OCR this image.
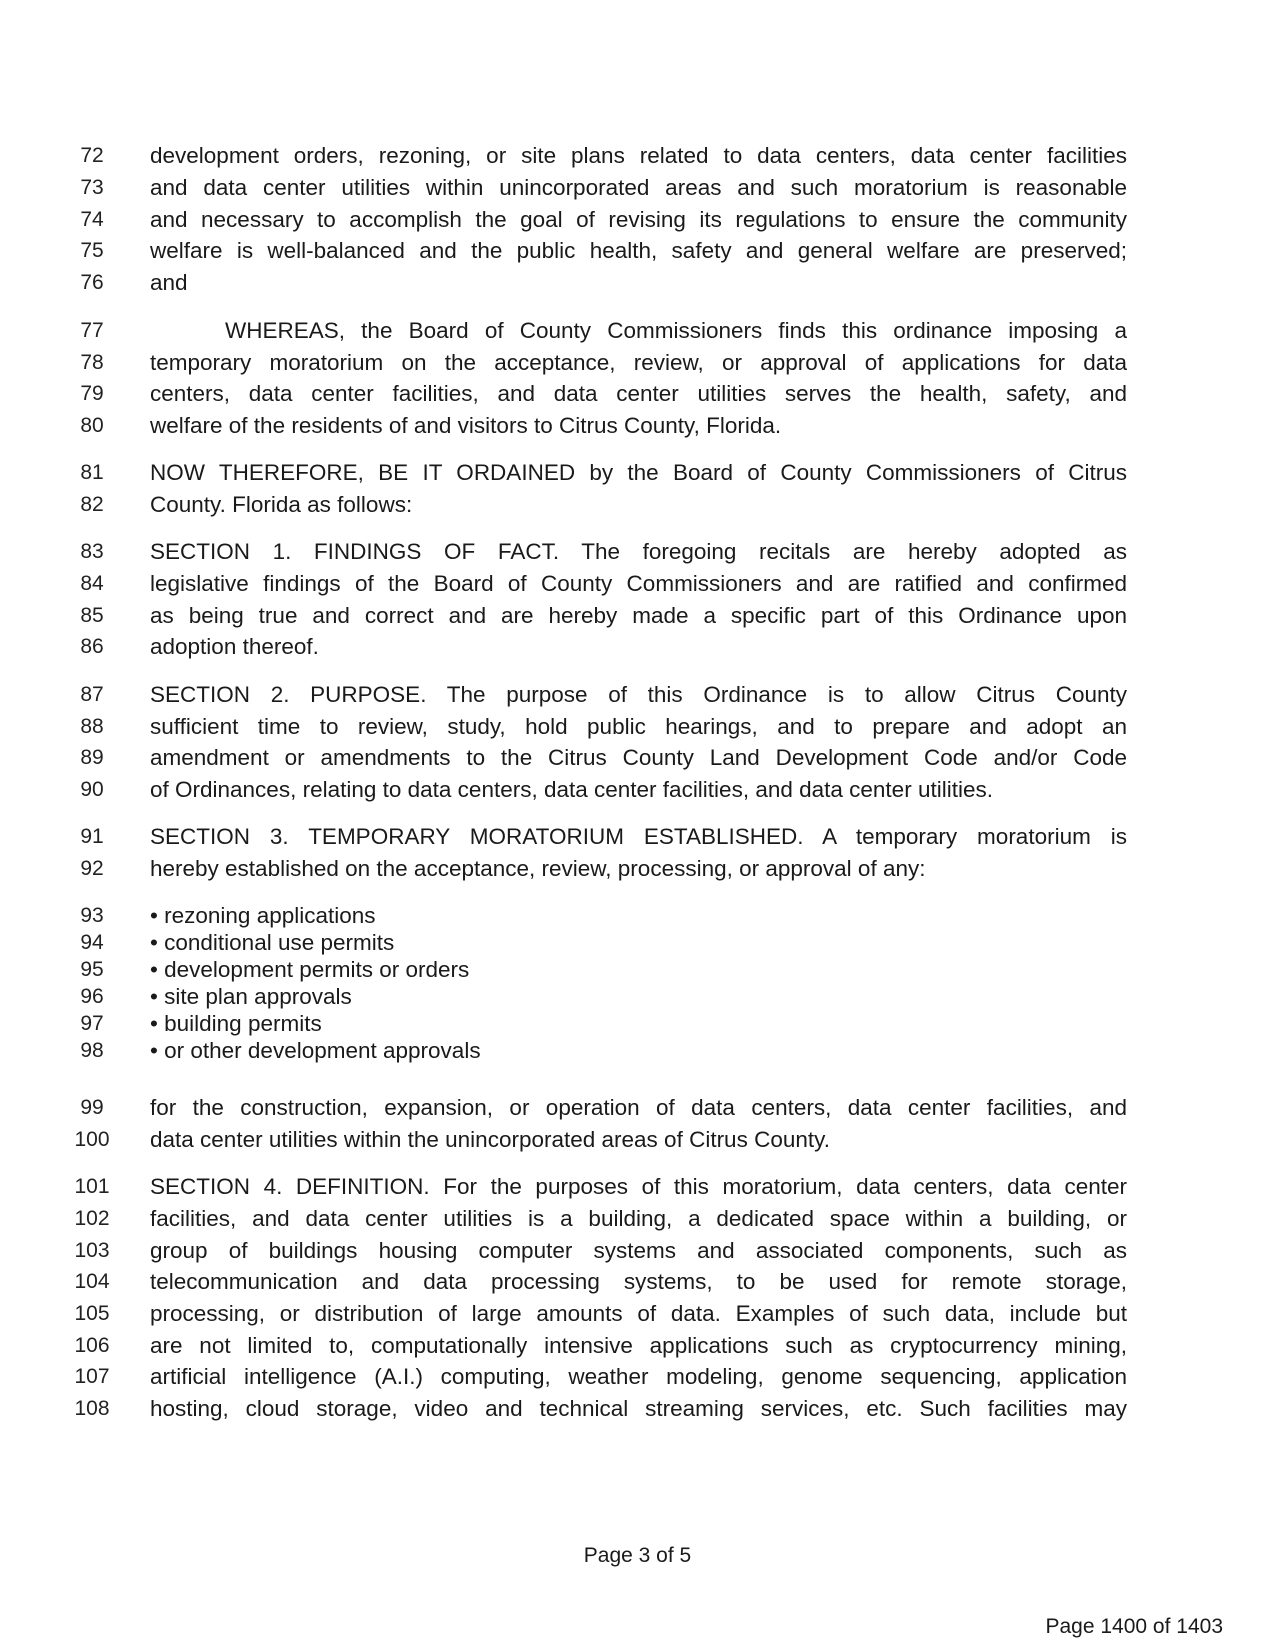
72	development orders, rezoning, or site plans related to data centers, data center facilities
73	and data center utilities within unincorporated areas and such moratorium is reasonable
74	and necessary to accomplish the goal of revising its regulations to ensure the community
75	welfare is well-balanced and the public health, safety and general welfare are preserved;
76	and
77	WHEREAS, the Board of County Commissioners finds this ordinance imposing a
78	temporary moratorium on the acceptance, review, or approval of applications for data
79	centers, data center facilities, and data center utilities serves the health, safety, and
80	welfare of the residents of and visitors to Citrus County, Florida.
81	NOW THEREFORE, BE IT ORDAINED by the Board of County Commissioners of Citrus
82	County. Florida as follows:
83	SECTION 1. FINDINGS OF FACT. The foregoing recitals are hereby adopted as
84	legislative findings of the Board of County Commissioners and are ratified and confirmed
85	as being true and correct and are hereby made a specific part of this Ordinance upon
86	adoption thereof.
87	SECTION 2. PURPOSE. The purpose of this Ordinance is to allow Citrus County
88	sufficient time to review, study, hold public hearings, and to prepare and adopt an
89	amendment or amendments to the Citrus County Land Development Code and/or Code
90	of Ordinances, relating to data centers, data center facilities, and data center utilities.
91	SECTION 3. TEMPORARY MORATORIUM ESTABLISHED. A temporary moratorium is
92	hereby established on the acceptance, review, processing, or approval of any:
93	• rezoning applications
94	• conditional use permits
95	• development permits or orders
96	• site plan approvals
97	• building permits
98	• or other development approvals
99	for the construction, expansion, or operation of data centers, data center facilities, and
100 data center utilities within the unincorporated areas of Citrus County.
101 SECTION 4. DEFINITION. For the purposes of this moratorium, data centers, data center
102 facilities, and data center utilities is a building, a dedicated space within a building, or
103 group of buildings housing computer systems and associated components, such as
104 telecommunication and data processing systems, to be used for remote storage,
105 processing, or distribution of large amounts of data. Examples of such data, include but
106 are not limited to, computationally intensive applications such as cryptocurrency mining,
107 artificial intelligence (A.I.) computing, weather modeling, genome sequencing, application
108 hosting, cloud storage, video and technical streaming services, etc. Such facilities may
Page 3 of 5
Page 1400 of 1403
